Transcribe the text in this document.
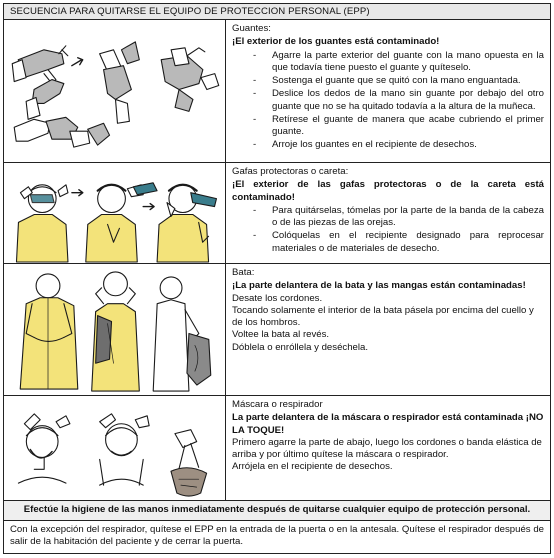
SECUENCIA PARA QUITARSE EL EQUIPO DE PROTECCION PERSONAL (EPP)
Guantes:
¡El exterior de los guantes está contaminado!
- Agarre la parte exterior del guante con la mano opuesta en la que todavía tiene puesto el guante y quíteselo.
- Sostenga el guante que se quitó con la mano enguantada.
- Deslice los dedos de la mano sin guante por debajo del otro guante que no se ha quitado todavía a la altura de la muñeca.
- Retírese el guante de manera que acabe cubriendo el primer guante.
- Arroje los guantes en el recipiente de desechos.
Gafas protectoras o careta:
¡El exterior de las gafas protectoras o de la careta está contaminado!
- Para quitárselas, tómelas por la parte de la banda de la cabeza o de las piezas de las orejas.
- Colóquelas en el recipiente designado para reprocesar materiales o de materiales de desecho.
Bata:
¡La parte delantera de la bata y las mangas están contaminadas!

Desate los cordones.

Tocando solamente el interior de la bata pásela por encima del cuello y de los hombros.

Voltee la bata al revés.

Dóblela o enróllela y deséchela.

Máscara o respirador
La parte delantera de la máscara o respirador está contaminada ¡NO LA TOQUE!

Primero agarre la parte de abajo, luego los cordones o banda elástica de arriba y por último quítese la máscara o respirador.

Arrójela en el recipiente de desechos.

Efectúe la higiene de las manos inmediatamente después de quitarse cualquier equipo de protección personal.
Con la excepción del respirador, quítese el EPP en la entrada de la puerta o en la antesala. Quítese el respirador después de salir de la habitación del paciente y de cerrar la puerta.
